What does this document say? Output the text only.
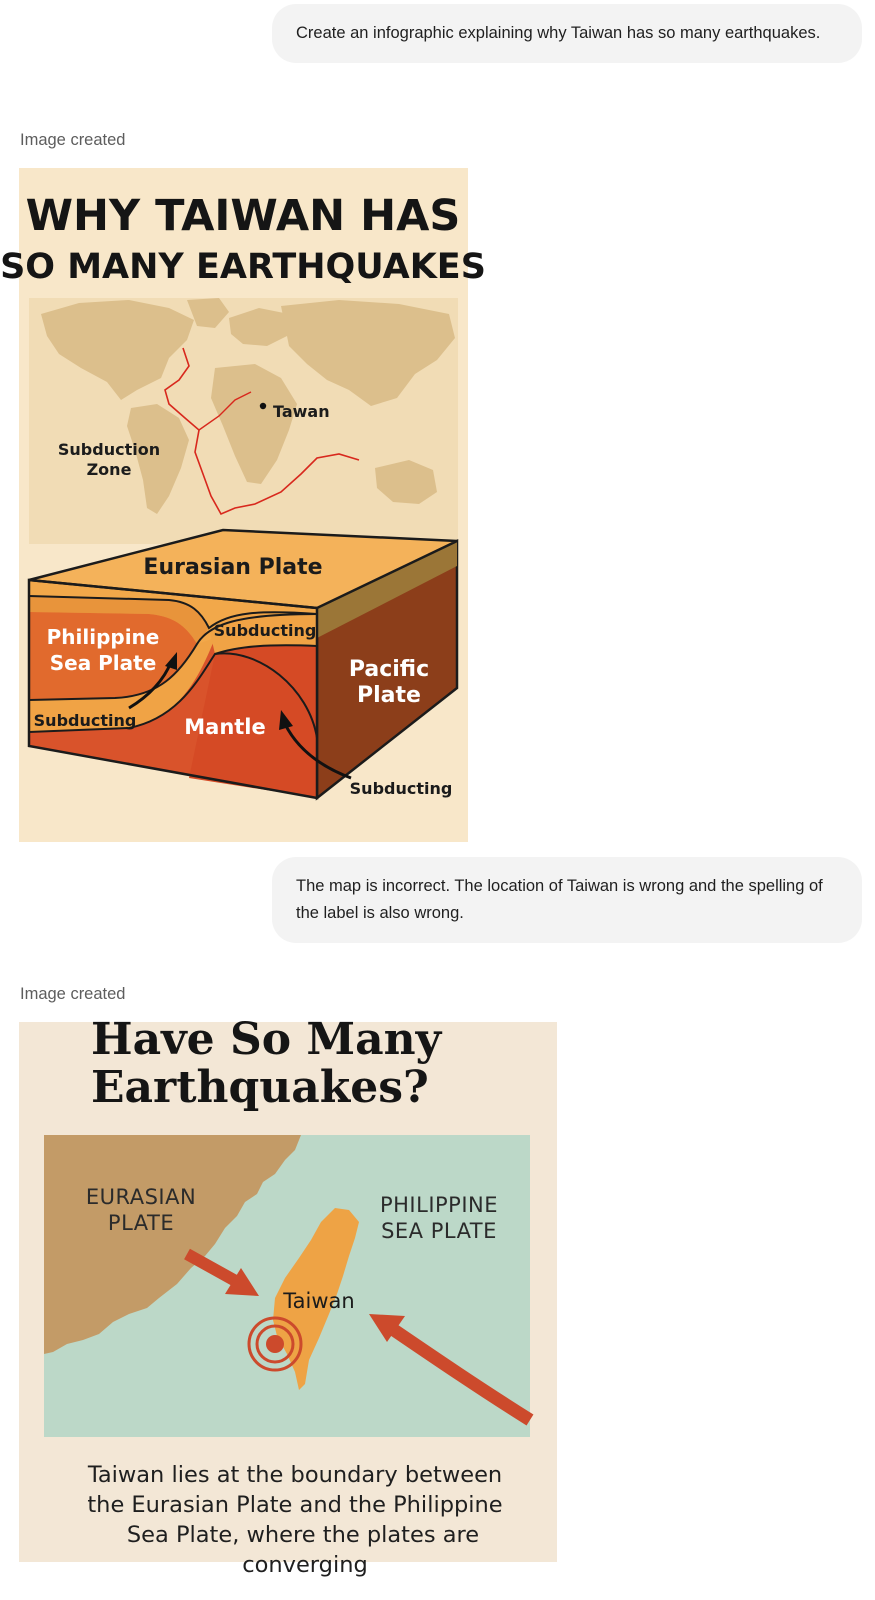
Create an infographic explaining why Taiwan has so many earthquakes.
Image created
WHY TAIWAN HAS
SO MANY EARTHQUAKES
Tawan
Subduction
Zone
Eurasian Plate
Philippine
Sea Plate	Pacific
Plate
Mantle
Subducting
Subducting
Subducting
The map is incorrect. The location of Taiwan is wrong and the spelling of the label is also wrong.
Image created
Have So Many
Earthquakes?
EURASIAN
PLATE
PHILIPPINE
SEA PLATE
Taiwan
Taiwan lies at the boundary between
the Eurasian Plate and the Philippine
Sea Plate, where the plates are
converging
